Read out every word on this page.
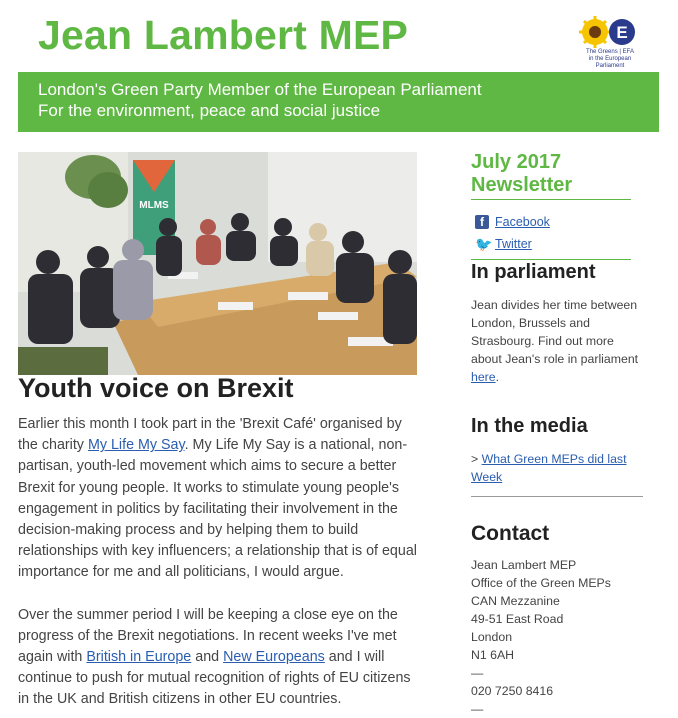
Jean Lambert MEP	E
The Greens | EFA
in the European Parliament
London's Green Party Member of the European Parliament
For the environment, peace and social justice
MLMS
Youth voice on Brexit

Earlier this month I took part in the 'Brexit Café' organised by the charity My Life My Say. My Life My Say is a national, non-partisan, youth-led movement which aims to secure a better Brexit for young people. It works to stimulate young people's engagement in politics by facilitating their involvement in the decision-making process and by helping them to build relationships with key influencers; a relationship that is of equal importance for me and all politicians, I would argue.

Over the summer period I will be keeping a close eye on the progress of the Brexit negotiations. In recent weeks I've met again with British in Europe and New Europeans and I will continue to push for mutual recognition of rights of EU citizens in the UK and British citizens in other EU countries.

July 2017
Newsletter
f Facebook
🐦 Twitter
In parliament
Jean divides her time between London, Brussels and Strasbourg. Find out more about Jean's role in parliament here.
In the media
> What Green MEPs did last Week
Contact
Jean Lambert MEP
Office of the Green MEPs
CAN Mezzanine
49-51 East Road
London
N1 6AH
—
020 7250 8416
—
